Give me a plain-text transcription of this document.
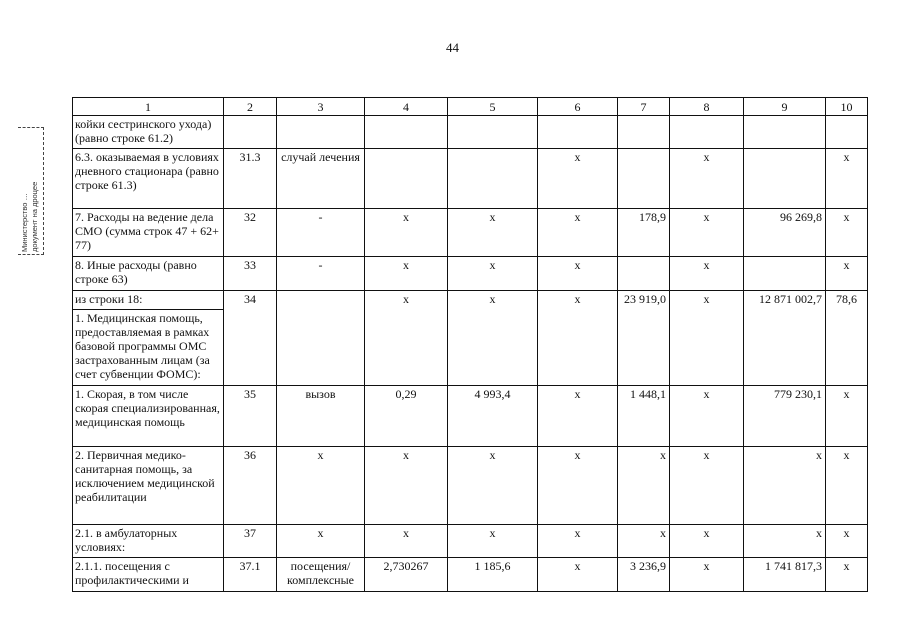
44
Министерство …
документ на дроцее
1	2	3	4	5	6	7	8	9	10
койки сестринского ухода) (равно строке 61.2)									
6.3. оказываемая в условиях дневного стационара (равно строке 61.3)	31.3	случай лечения			x		x		x
7. Расходы на ведение дела СМО (сумма строк 47 + 62+ 77)	32	-	x	x	x	178,9	x	96 269,8	x
8. Иные расходы (равно строке 63)	33	-	x	x	x		x		x
из строки 18:	34		x	x	x	23 919,0	x	12 871 002,7	78,6
1. Медицинская помощь, предоставляемая в рамках базовой программы ОМС застрахованным лицам (за счет субвенции ФОМС):									
1. Скорая, в том числе скорая специализированная, медицинская помощь	35	вызов	0,29	4 993,4	x	1 448,1	x	779 230,1	x
2. Первичная медико-санитарная помощь, за исключением медицинской реабилитации	36	x	x	x	x	x	x	x	x
2.1. в амбулаторных условиях:	37	x	x	x	x	x	x	x	x
2.1.1. посещения с профилактическими и	37.1	посещения/ комплексные	2,730267	1 185,6	x	3 236,9	x	1 741 817,3	x
